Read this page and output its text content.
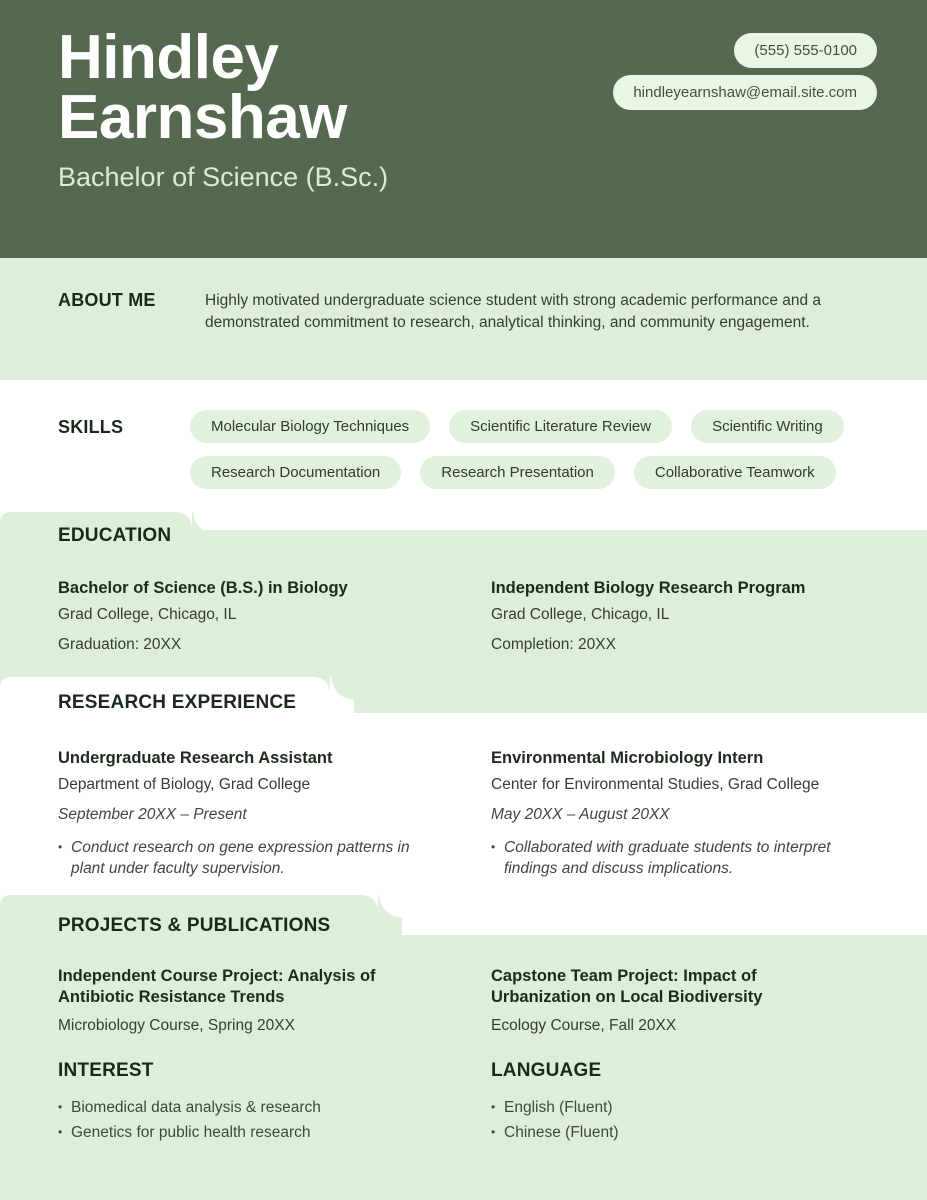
Hindley
Earnshaw
Bachelor of Science (B.Sc.)
(555) 555-0100
hindleyearnshaw@email.site.com
ABOUT ME	Highly motivated undergraduate science student with strong academic performance and a demonstrated commitment to research, analytical thinking, and community engagement.

SKILLS	Molecular Biology Techniques	Scientific Literature Review	Scientific Writing
Research Documentation	Research Presentation	Collaborative Teamwork
EDUCATION
Bachelor of Science (B.S.) in Biology
Grad College, Chicago, IL
Graduation: 20XX
Independent Biology Research Program
Grad College, Chicago, IL
Completion: 20XX
RESEARCH EXPERIENCE
Undergraduate Research Assistant
Department of Biology, Grad College
September 20XX – Present
• Conduct research on gene expression patterns in plant under faculty supervision.
Environmental Microbiology Intern
Center for Environmental Studies, Grad College
May 20XX – August 20XX
• Collaborated with graduate students to interpret findings and discuss implications.
PROJECTS & PUBLICATIONS
Independent Course Project: Analysis of Antibiotic Resistance Trends
Microbiology Course, Spring 20XX
Capstone Team Project: Impact of Urbanization on Local Biodiversity
Ecology Course, Fall 20XX
INTEREST
• Biomedical data analysis & research
• Genetics for public health research
LANGUAGE
• English (Fluent)
• Chinese (Fluent)
